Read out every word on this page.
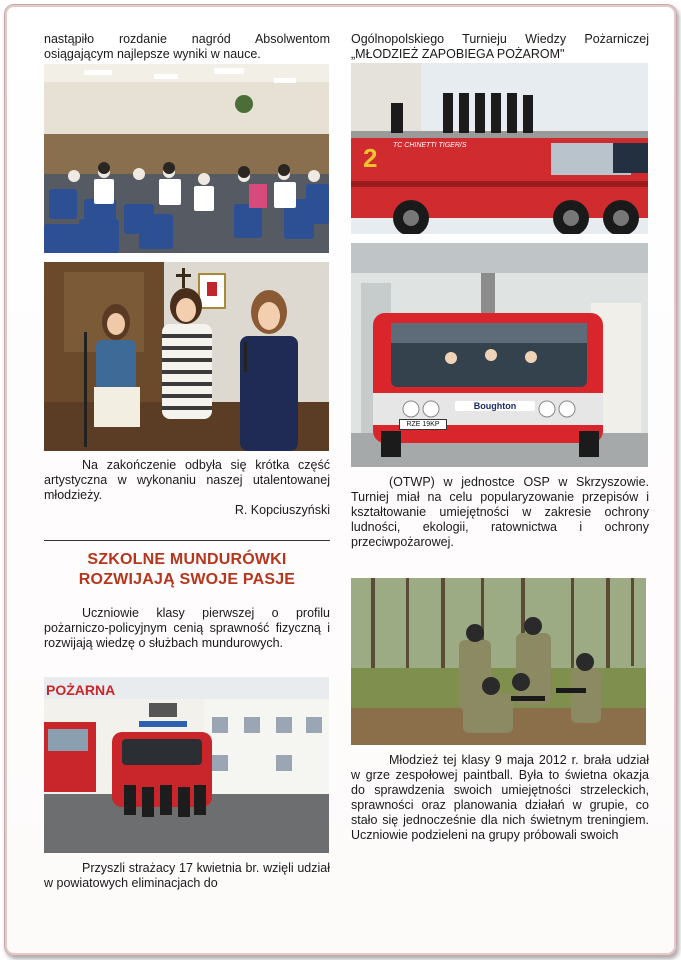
nastąpiło rozdanie nagród Absolwentom osiągającym najlepsze wyniki w nauce.

Na zakończenie odbyła się krótka część artystyczna w wykonaniu naszej utalentowanej młodzieży.

R. Kopciuszyński

SZKOLNE MUNDURÓWKI
ROZWIJAJĄ SWOJE PASJE

Uczniowie klasy pierwszej o profilu pożarniczo-policyjnym cenią sprawność fizyczną i rozwijają wiedzę o służbach mundurowych.

POŻARNA

Przyszli strażacy 17 kwietnia br. wzięli udział w powiatowych eliminacjach do

Ogólnopolskiego Turnieju Wiedzy Pożarniczej „MŁODZIEŻ ZAPOBIEGA POŻAROM"

2 TC CHINETTI TIGER/S
Boughton
RZE 19KP

(OTWP) w jednostce OSP w Skrzyszowie. Turniej miał na celu popularyzowanie przepisów i kształtowanie umiejętności w zakresie ochrony ludności, ekologii, ratownictwa i ochrony przeciwpożarowej.

Młodzież tej klasy 9 maja 2012 r. brała udział w grze zespołowej paintball. Była to świetna okazja do sprawdzenia swoich umiejętności strzeleckich, sprawności oraz planowania działań w grupie, co stało się jednocześnie dla nich świetnym treningiem. Uczniowie podzieleni na grupy próbowali swoich
